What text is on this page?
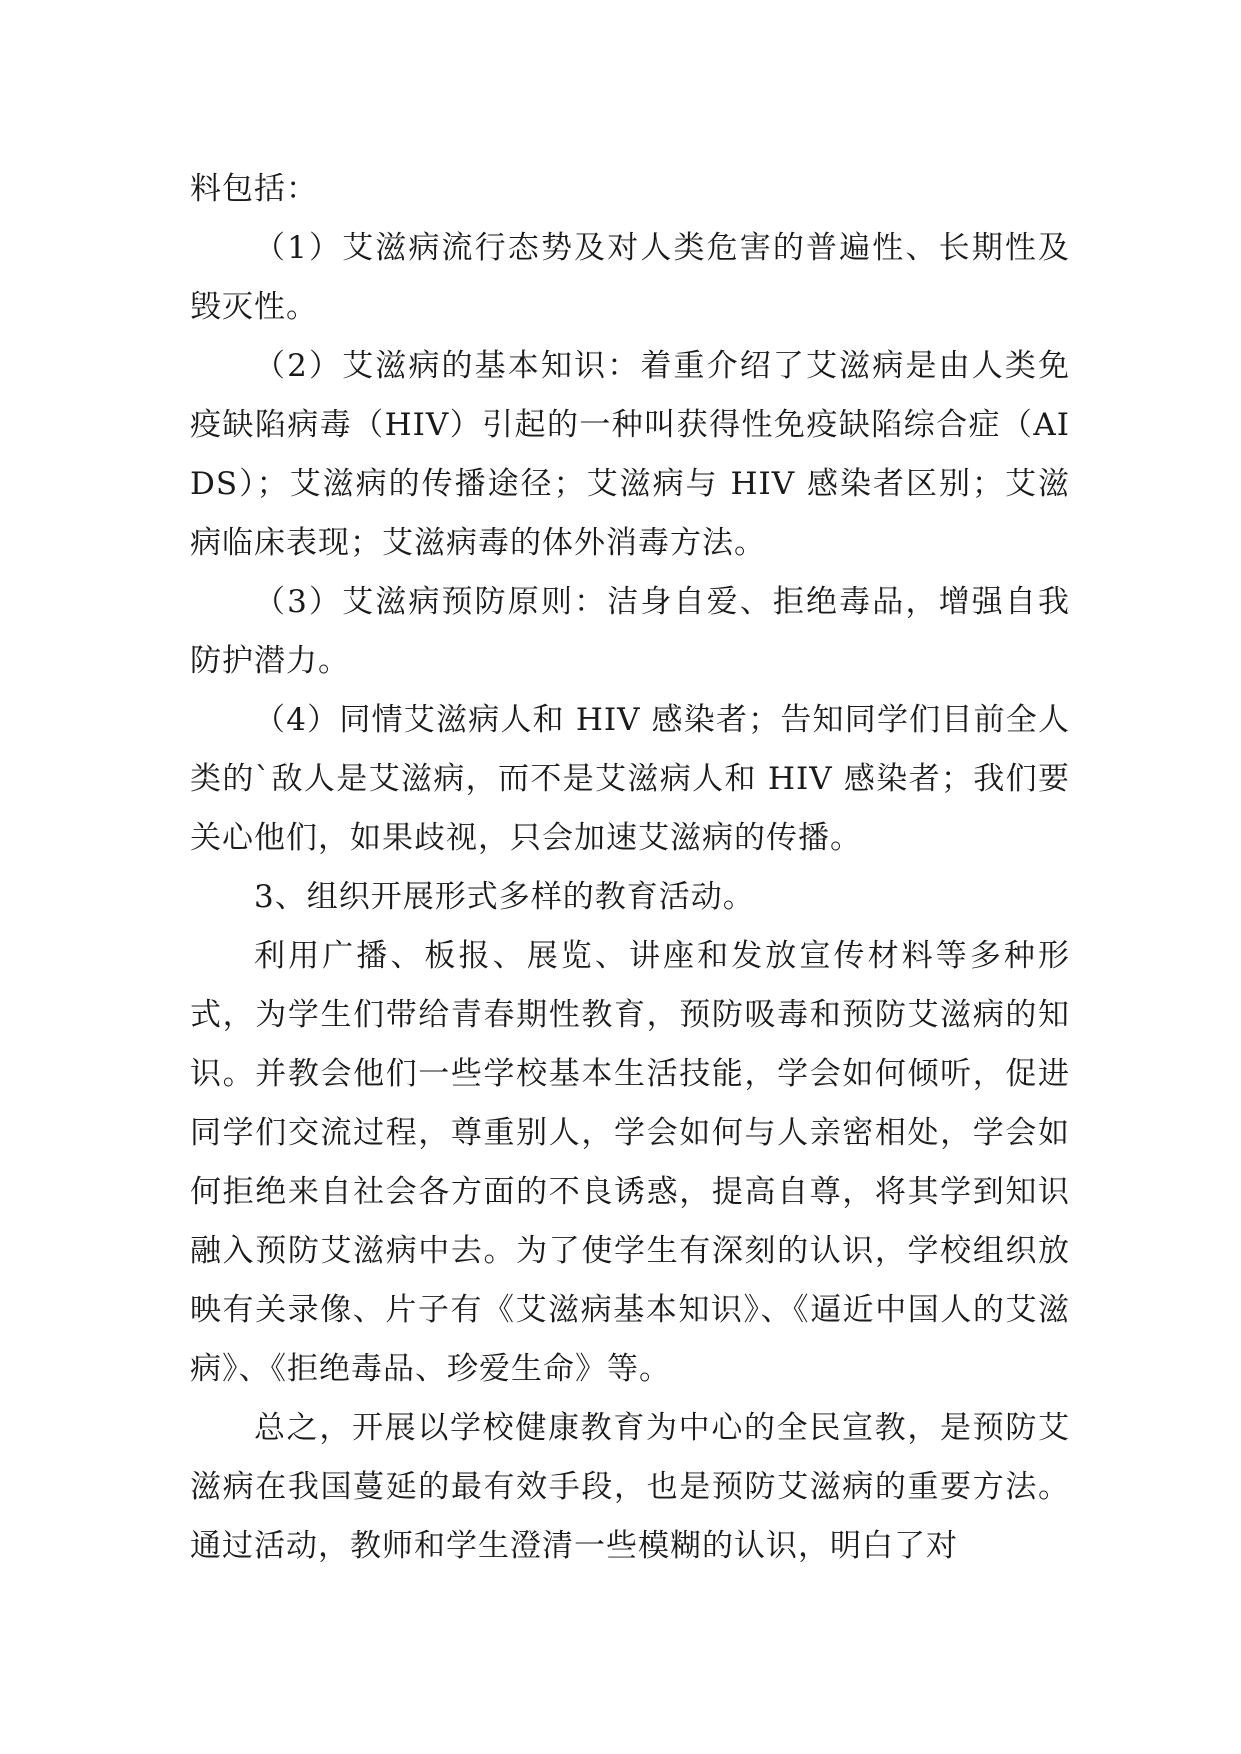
料包括：

（1）艾滋病流行态势及对人类危害的普遍性、长期性及毁灭性。

（2）艾滋病的基本知识：着重介绍了艾滋病是由人类免疫缺陷病毒（HIV）引起的一种叫获得性免疫缺陷综合症（AIDS）；艾滋病的传播途径；艾滋病与 HIV 感染者区别；艾滋病临床表现；艾滋病毒的体外消毒方法。

（3）艾滋病预防原则：洁身自爱、拒绝毒品，增强自我防护潜力。

（4）同情艾滋病人和 HIV 感染者；告知同学们目前全人类的`敌人是艾滋病，而不是艾滋病人和 HIV 感染者；我们要关心他们，如果歧视，只会加速艾滋病的传播。

3、组织开展形式多样的教育活动。

利用广播、板报、展览、讲座和发放宣传材料等多种形式，为学生们带给青春期性教育，预防吸毒和预防艾滋病的知识。并教会他们一些学校基本生活技能，学会如何倾听，促进同学们交流过程，尊重别人，学会如何与人亲密相处，学会如何拒绝来自社会各方面的不良诱惑，提高自尊，将其学到知识融入预防艾滋病中去。为了使学生有深刻的认识，学校组织放映有关录像、片子有《艾滋病基本知识》、《逼近中国人的艾滋病》、《拒绝毒品、珍爱生命》等。

总之，开展以学校健康教育为中心的全民宣教，是预防艾滋病在我国蔓延的最有效手段，也是预防艾滋病的重要方法。通过活动，教师和学生澄清一些模糊的认识，明白了对
